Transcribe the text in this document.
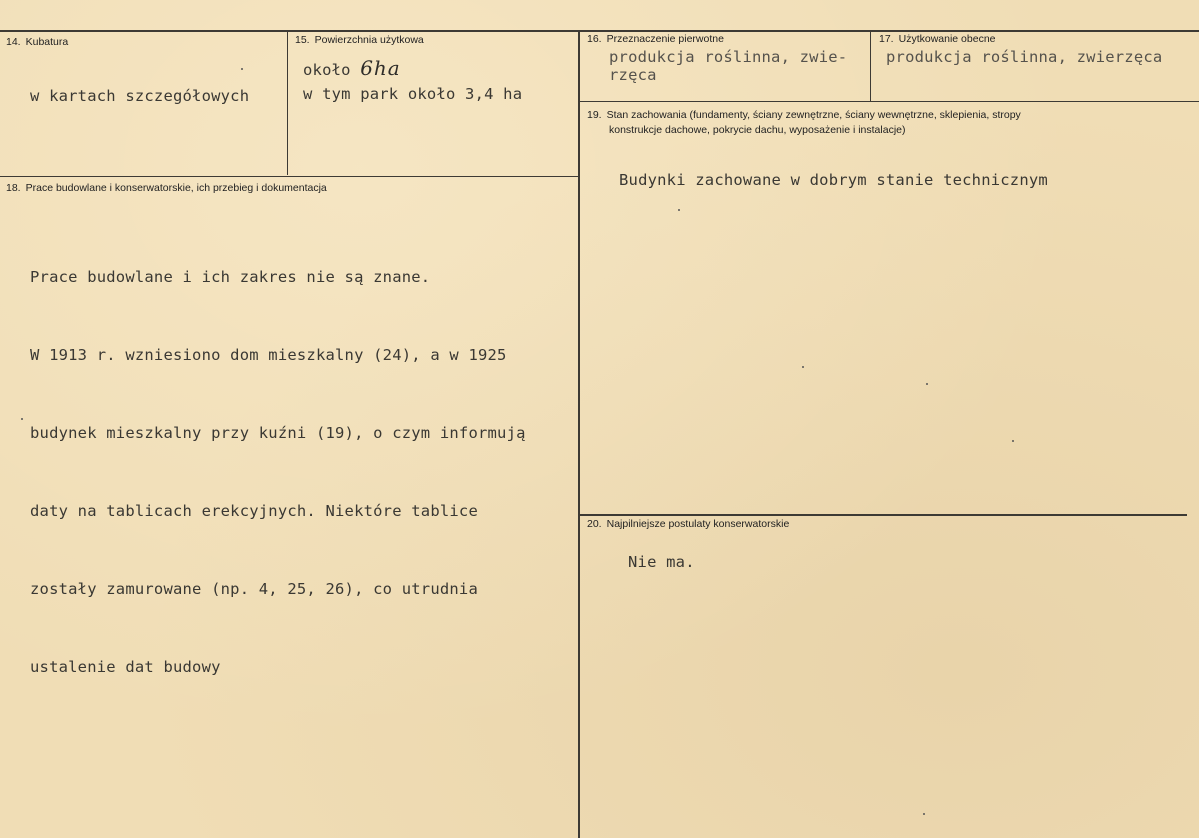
14. Kubatura
w kartach szczegółowych
15. Powierzchnia użytkowa
około 6ha
w tym park około 3,4 ha
16. Przeznaczenie pierwotne
produkcja roślinna, zwie-
rzęca
17. Użytkowanie obecne
produkcja roślinna, zwierzęca
19. Stan zachowania (fundamenty, ściany zewnętrzne, ściany wewnętrzne, sklepienia, stropy
konstrukcje dachowe, pokrycie dachu, wyposażenie i instalacje)
Budynki zachowane w dobrym stanie technicznym
18. Prace budowlane i konserwatorskie, ich przebieg i dokumentacja

Prace budowlane i ich zakres nie są znane.

W 1913 r. wzniesiono dom mieszkalny (24), a w 1925

budynek mieszkalny przy kuźni (19), o czym informują

daty na tablicach erekcyjnych. Niektóre tablice

zostały zamurowane (np. 4, 25, 26), co utrudnia

ustalenie dat budowy

20. Najpilniejsze postulaty konserwatorskie
Nie ma.
